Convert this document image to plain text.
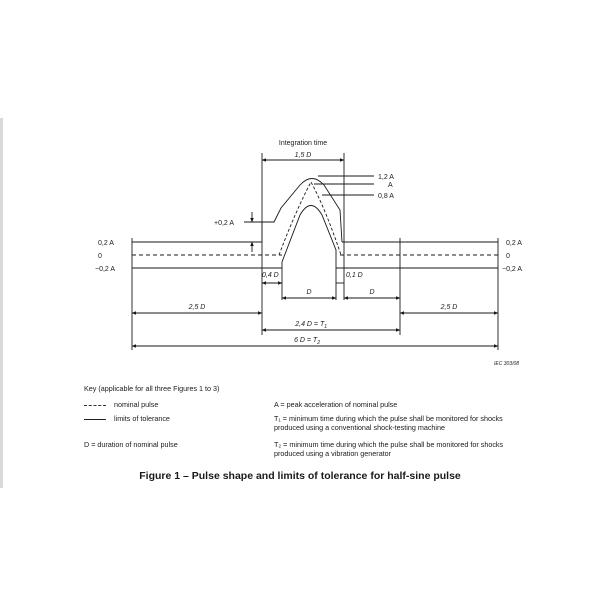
Integration time
1,5 D
1,2 A
A
0,8 A
+0,2 A
0,2 A
0
−0,2 A
0,2 A
0
−0,2 A
0,4 D	0,1 D
D	D
2,5 D	2,5 D
2,4 $D = T_1$
6 $D = T_2$
IEC 303/08
Key (applicable for all three Figures 1 to 3)
nominal pulse
limits of tolerance
D = duration of nominal pulse
A = peak acceleration of nominal pulse
T₁ = minimum time during which the pulse shall be monitored for shocks produced using a conventional shock-testing machine
T₂ = minimum time during which the pulse shall be monitored for shocks produced using a vibration generator
Figure 1 – Pulse shape and limits of tolerance for half-sine pulse
